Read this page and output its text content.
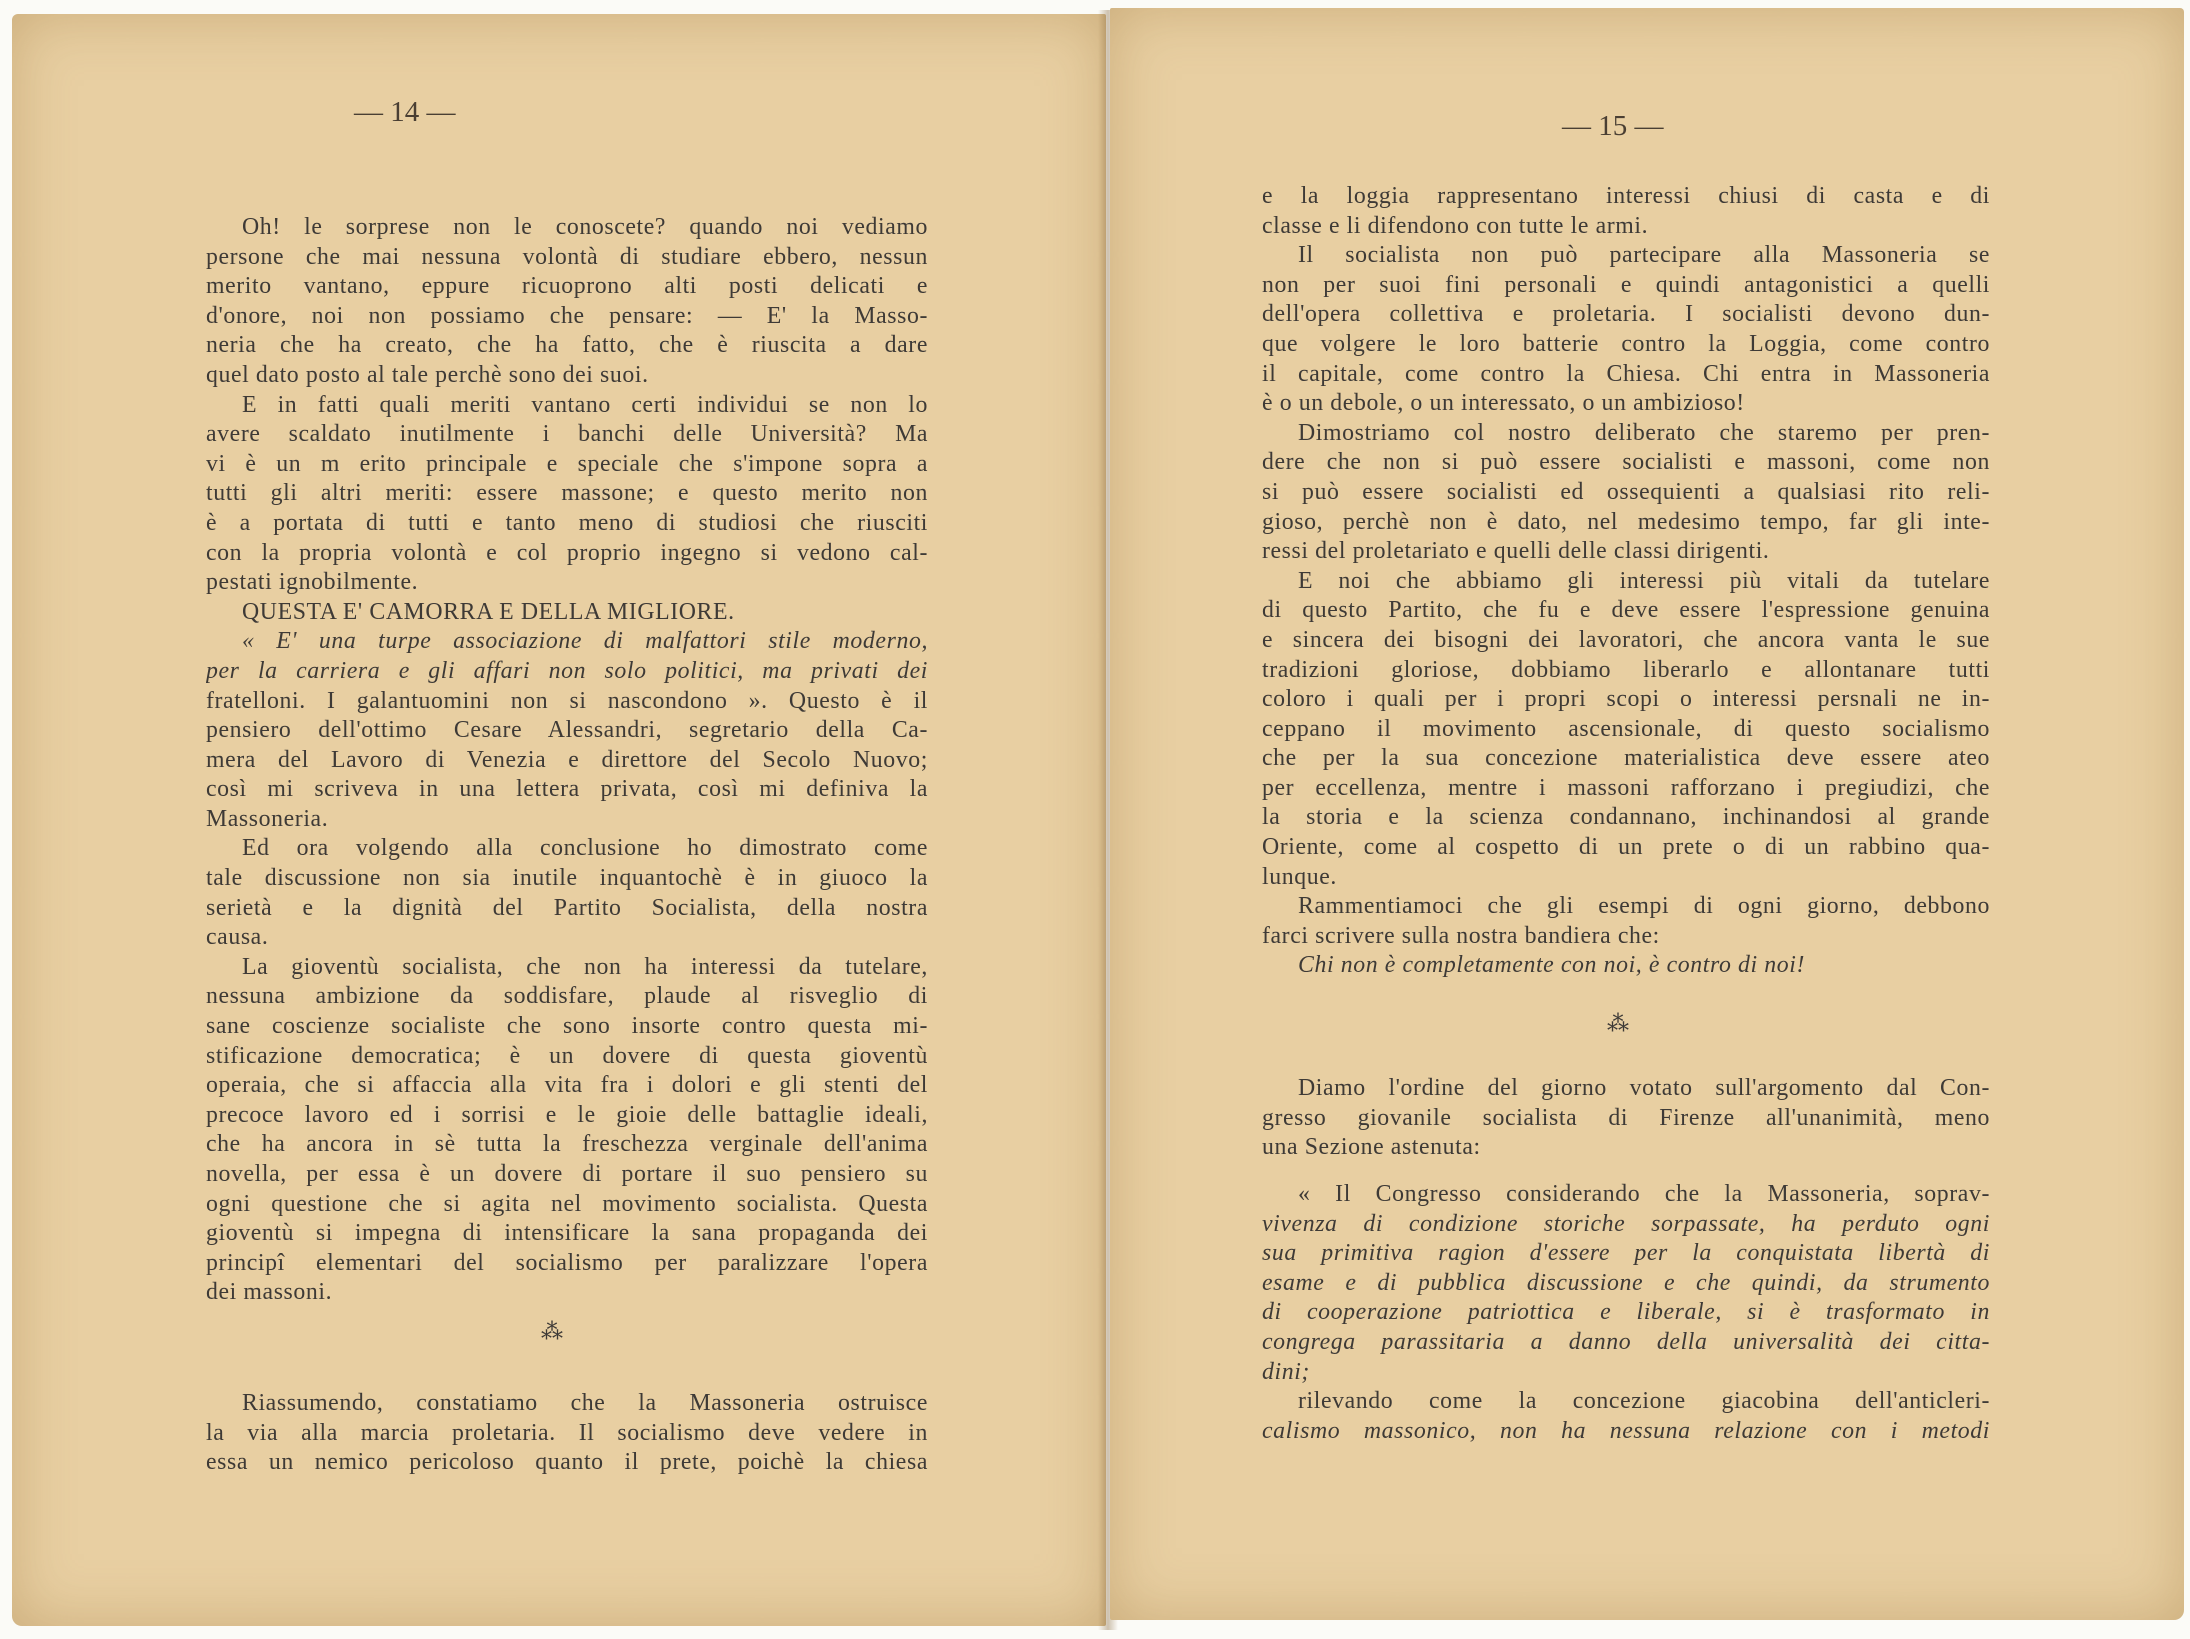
— 14 —
Oh! le sorprese non le conoscete? quando noi vediamo
persone che mai nessuna volontà di studiare ebbero, nessun
merito vantano, eppure ricuoprono alti posti delicati e
d'onore, noi non possiamo che pensare: — E' la Masso-
neria che ha creato, che ha fatto, che è riuscita a dare
quel dato posto al tale perchè sono dei suoi.
E in fatti quali meriti vantano certi individui se non lo
avere scaldato inutilmente i banchi delle Università? Ma
vi è un m erito principale e speciale che s'impone sopra a
tutti gli altri meriti: essere massone; e questo merito non
è a portata di tutti e tanto meno di studiosi che riusciti
con la propria volontà e col proprio ingegno si vedono cal-
pestati ignobilmente.
QUESTA E' CAMORRA E DELLA MIGLIORE.
« E' una turpe associazione di malfattori stile moderno,
per la carriera e gli affari non solo politici, ma privati dei
fratelloni. I galantuomini non si nascondono ». Questo è il
pensiero dell'ottimo Cesare Alessandri, segretario della Ca-
mera del Lavoro di Venezia e direttore del Secolo Nuovo;
così mi scriveva in una lettera privata, così mi definiva la
Massoneria.
Ed ora volgendo alla conclusione ho dimostrato come
tale discussione non sia inutile inquantochè è in giuoco la
serietà e la dignità del Partito Socialista, della nostra
causa.
La gioventù socialista, che non ha interessi da tutelare,
nessuna ambizione da soddisfare, plaude al risveglio di
sane coscienze socialiste che sono insorte contro questa mi-
stificazione democratica; è un dovere di questa gioventù
operaia, che si affaccia alla vita fra i dolori e gli stenti del
precoce lavoro ed i sorrisi e le gioie delle battaglie ideali,
che ha ancora in sè tutta la freschezza verginale dell'anima
novella, per essa è un dovere di portare il suo pensiero su
ogni questione che si agita nel movimento socialista. Questa
gioventù si impegna di intensificare la sana propaganda dei
principî elementari del socialismo per paralizzare l'opera
dei massoni.
⁂
Riassumendo, constatiamo che la Massoneria ostruisce
la via alla marcia proletaria. Il socialismo deve vedere in
essa un nemico pericoloso quanto il prete, poichè la chiesa
— 15 —
e la loggia rappresentano interessi chiusi di casta e di
classe e li difendono con tutte le armi.
Il socialista non può partecipare alla Massoneria se
non per suoi fini personali e quindi antagonistici a quelli
dell'opera collettiva e proletaria. I socialisti devono dun-
que volgere le loro batterie contro la Loggia, come contro
il capitale, come contro la Chiesa. Chi entra in Massoneria
è o un debole, o un interessato, o un ambizioso!
Dimostriamo col nostro deliberato che staremo per pren-
dere che non si può essere socialisti e massoni, come non
si può essere socialisti ed ossequienti a qualsiasi rito reli-
gioso, perchè non è dato, nel medesimo tempo, far gli inte-
ressi del proletariato e quelli delle classi dirigenti.
E noi che abbiamo gli interessi più vitali da tutelare
di questo Partito, che fu e deve essere l'espressione genuina
e sincera dei bisogni dei lavoratori, che ancora vanta le sue
tradizioni gloriose, dobbiamo liberarlo e allontanare tutti
coloro i quali per i propri scopi o interessi persnali ne in-
ceppano il movimento ascensionale, di questo socialismo
che per la sua concezione materialistica deve essere ateo
per eccellenza, mentre i massoni rafforzano i pregiudizi, che
la storia e la scienza condannano, inchinandosi al grande
Oriente, come al cospetto di un prete o di un rabbino qua-
lunque.
Rammentiamoci che gli esempi di ogni giorno, debbono
farci scrivere sulla nostra bandiera che:
Chi non è completamente con noi, è contro di noi!
⁂
Diamo l'ordine del giorno votato sull'argomento dal Con-
gresso giovanile socialista di Firenze all'unanimità, meno
una Sezione astenuta:
« Il Congresso considerando che la Massoneria, soprav-
vivenza di condizione storiche sorpassate, ha perduto ogni
sua primitiva ragion d'essere per la conquistata libertà di
esame e di pubblica discussione e che quindi, da strumento
di cooperazione patriottica e liberale, si è trasformato in
congrega parassitaria a danno della universalità dei citta-
dini;
rilevando come la concezione giacobina dell'anticleri-
calismo massonico, non ha nessuna relazione con i metodi
